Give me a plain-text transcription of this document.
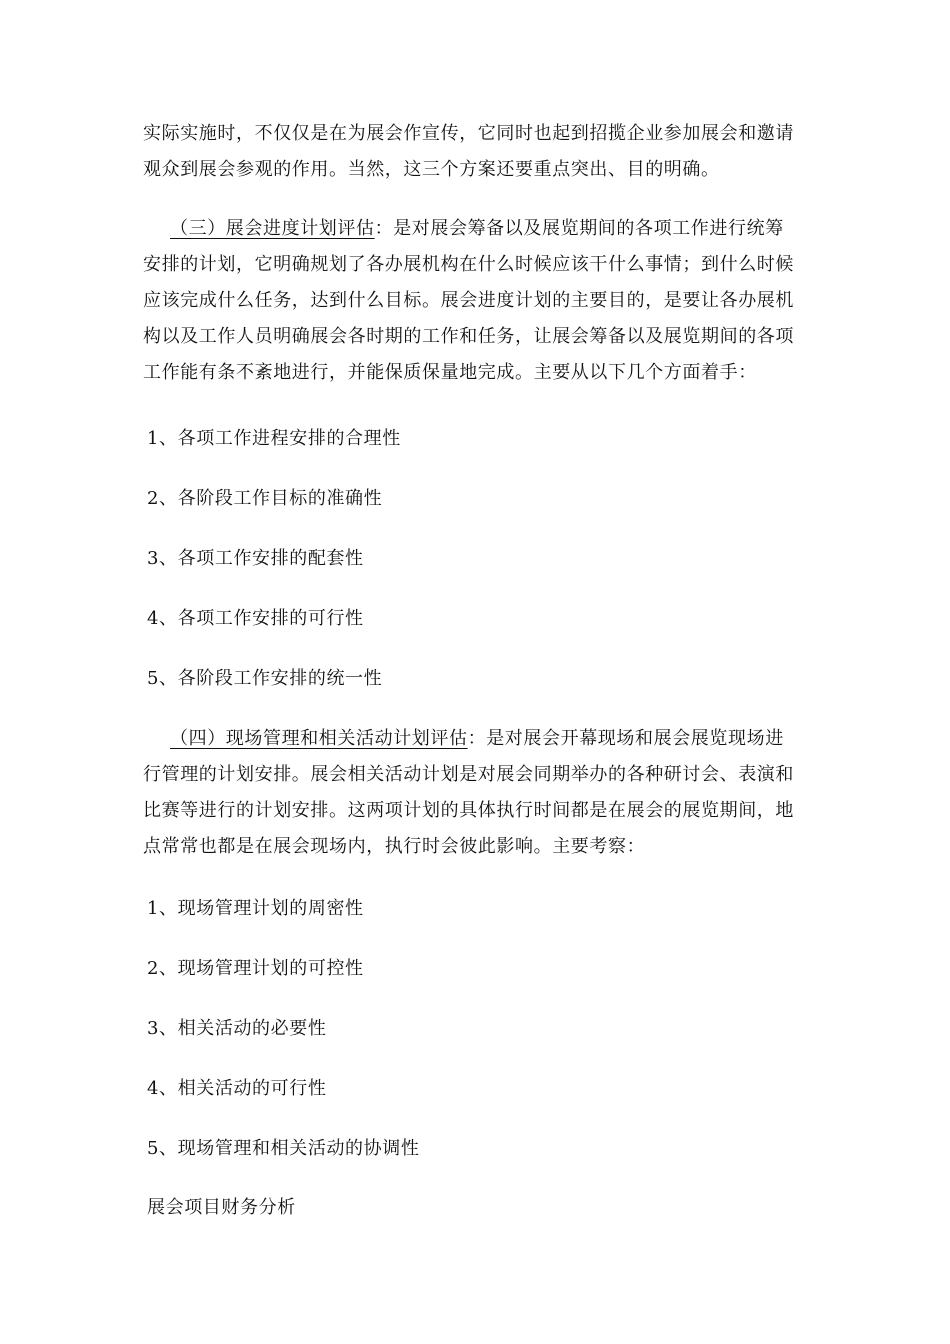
实际实施时，不仅仅是在为展会作宣传，它同时也起到招揽企业参加展会和邀请
观众到展会参观的作用。当然，这三个方案还要重点突出、目的明确。
（三）展会进度计划评估：是对展会筹备以及展览期间的各项工作进行统筹
安排的计划，它明确规划了各办展机构在什么时候应该干什么事情；到什么时候
应该完成什么任务，达到什么目标。展会进度计划的主要目的，是要让各办展机
构以及工作人员明确展会各时期的工作和任务，让展会筹备以及展览期间的各项
工作能有条不紊地进行，并能保质保量地完成。主要从以下几个方面着手：

1、各项工作进程安排的合理性

2、各阶段工作目标的准确性

3、各项工作安排的配套性

4、各项工作安排的可行性

5、各阶段工作安排的统一性

（四）现场管理和相关活动计划评估：是对展会开幕现场和展会展览现场进
行管理的计划安排。展会相关活动计划是对展会同期举办的各种研讨会、表演和
比赛等进行的计划安排。这两项计划的具体执行时间都是在展会的展览期间，地
点常常也都是在展会现场内，执行时会彼此影响。主要考察：

1、现场管理计划的周密性

2、现场管理计划的可控性

3、相关活动的必要性

4、相关活动的可行性

5、现场管理和相关活动的协调性

展会项目财务分析
